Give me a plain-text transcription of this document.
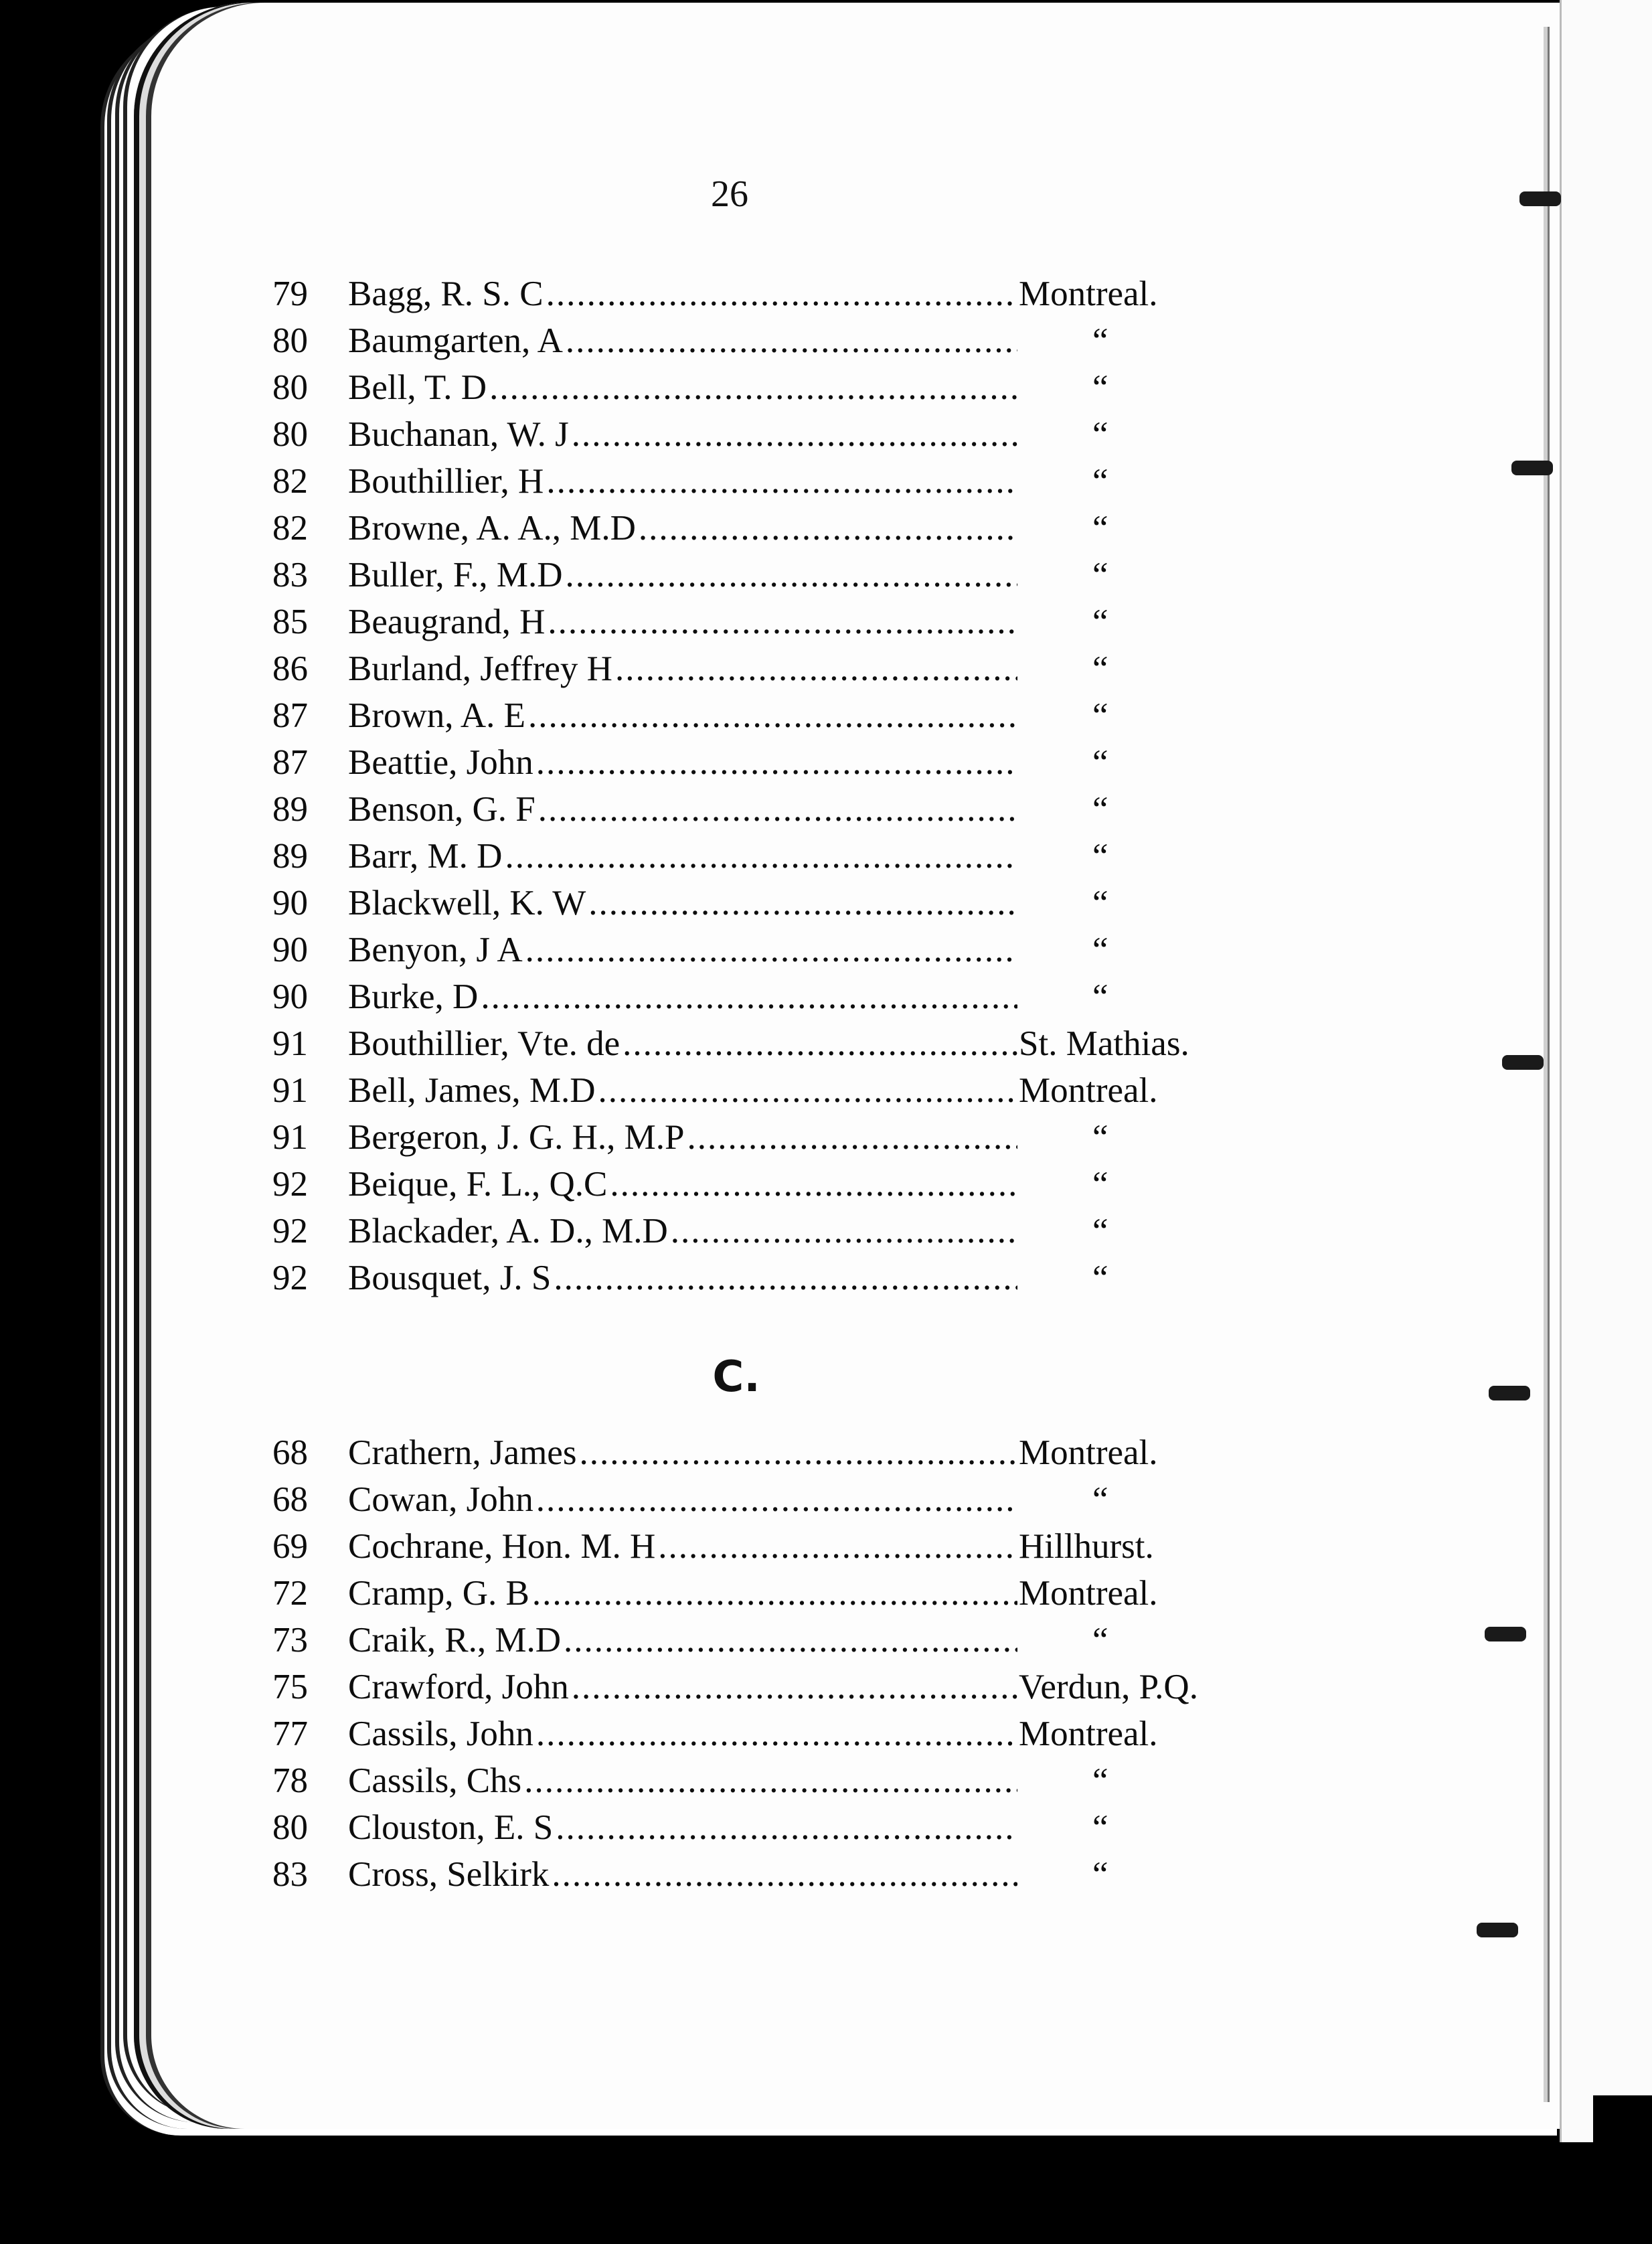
26
79 Bagg, R. S. C .....	Montreal.
80 Baumgarten, A .....	“
80 Bell, T. D .....	“
80 Buchanan, W. J .....	“
82 Bouthillier, H .....	“
82 Browne, A. A., M.D .....	“
83 Buller, F., M.D .....	“
85 Beaugrand, H .....	“
86 Burland, Jeffrey H .....	“
87 Brown, A. E .....	“
87 Beattie, John .....	“
89 Benson, G. F .....	“
89 Barr, M. D .....	“
90 Blackwell, K. W .....	“
90 Benyon, J A .....	“
90 Burke, D .....	“
91 Bouthillier, Vte. de .....	St. Mathias.
91 Bell, James, M.D .....	Montreal.
91 Bergeron, J. G. H., M.P .....	“
92 Beique, F. L., Q.C .....	“
92 Blackader, A. D., M.D .....	“
92 Bousquet, J. S .....	“
C.
68 Crathern, James .....	Montreal.
68 Cowan, John .....	“
69 Cochrane, Hon. M. H .....	Hillhurst.
72 Cramp, G. B .....	Montreal.
73 Craik, R., M.D .....	“
75 Crawford, John .....	Verdun, P.Q.
77 Cassils, John .....	Montreal.
78 Cassils, Chs .....	“
80 Clouston, E. S .....	“
83 Cross, Selkirk .....	“
